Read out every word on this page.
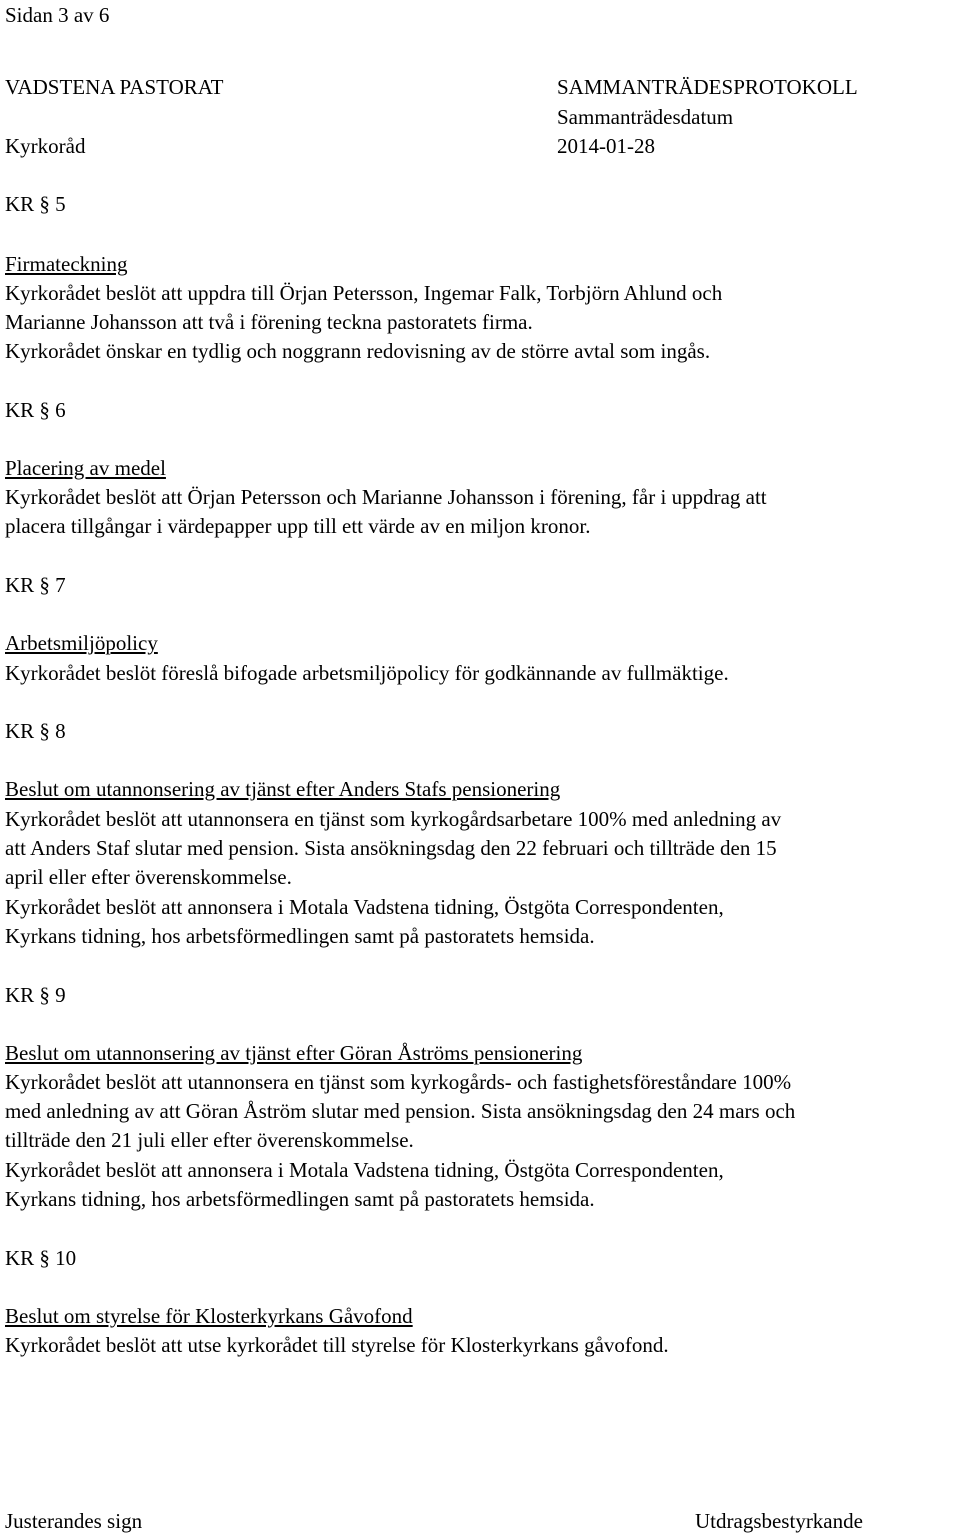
Sidan 3 av 6
VADSTENA PASTORAT	SAMMANTRÄDESPROTOKOLL
Sammanträdesdatum
Kyrkoråd	2014-01-28
KR § 5
Firmateckning
Kyrkorådet beslöt att uppdra till Örjan Petersson, Ingemar Falk, Torbjörn Ahlund och
Marianne Johansson att två i förening teckna pastoratets firma.
Kyrkorådet önskar en tydlig och noggrann redovisning av de större avtal som ingås.
KR § 6
Placering av medel
Kyrkorådet beslöt att Örjan Petersson och Marianne Johansson i förening, får i uppdrag att
placera tillgångar i värdepapper upp till ett värde av en miljon kronor.
KR § 7
Arbetsmiljöpolicy
Kyrkorådet beslöt föreslå bifogade arbetsmiljöpolicy för godkännande av fullmäktige.
KR § 8
Beslut om utannonsering av tjänst efter Anders Stafs pensionering
Kyrkorådet beslöt att utannonsera en tjänst som kyrkogårdsarbetare 100% med anledning av
att Anders Staf slutar med pension. Sista ansökningsdag den 22 februari och tillträde den 15
april eller efter överenskommelse.
Kyrkorådet beslöt att annonsera i Motala Vadstena tidning, Östgöta Correspondenten,
Kyrkans tidning, hos arbetsförmedlingen samt på pastoratets hemsida.
KR § 9
Beslut om utannonsering av tjänst efter Göran Åströms pensionering
Kyrkorådet beslöt att utannonsera en tjänst som kyrkogårds- och fastighetsföreståndare 100%
med anledning av att Göran Åström slutar med pension. Sista ansökningsdag den 24 mars och
tillträde den 21 juli eller efter överenskommelse.
Kyrkorådet beslöt att annonsera i Motala Vadstena tidning, Östgöta Correspondenten,
Kyrkans tidning, hos arbetsförmedlingen samt på pastoratets hemsida.
KR § 10
Beslut om styrelse för Klosterkyrkans Gåvofond
Kyrkorådet beslöt att utse kyrkorådet till styrelse för Klosterkyrkans gåvofond.
Justerandes sign	Utdragsbestyrkande
